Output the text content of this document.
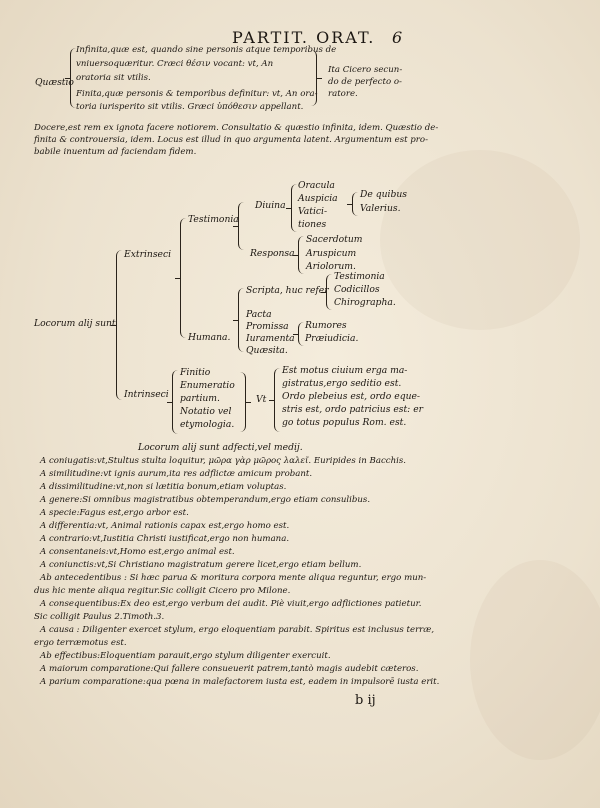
PARTIT. ORAT. 6
Quæstio
Infinita,quæ est, quando sine personis atque temporibus de
vniuersoquæritur. Cræci θέσιν vocant: vt, An
oratoria sit vtilis.
Finita,quæ personis & temporibus definitur: vt, An ora-
toria iurisperito sit vtilis. Græci ὑπόθεσιν appellant.
Ita Cicero secun-
do de perfecto o-
ratore.
Docere,est rem ex ignota facere notiorem. Consultatio & quæstio infinita, idem. Quæstio de-
finita & controuersia, idem. Locus est illud in quo argumenta latent. Argumentum est pro-
babile inuentum ad faciendam fidem.
Locorum alij sunt
Extrinseci
Intrinseci
Testimonia
Humana.
Diuina
Responsa
Oracula
Auspicia
Vatici-
tiones
De quibus
Valerius.
Sacerdotum
Aruspicum
Ariolorum.
Scripta, huc refer
Testimonia
Codicillos
Chirographa.
Pacta
Promissa
Iuramenta
Quæsita.
Rumores
Præiudicia.
Finitio
Enumeratio
partium.
Notatio vel
etymologia.
Vt
Est motus ciuium erga ma-
gistratus,ergo seditio est.
Ordo plebeius est, ordo eque-
stris est, ordo patricius est: er
go totus populus Rom. est.
Locorum alij sunt adfecti,vel medij.
A coniugatis:vt,Stultus stulta loquitur, μῶρα γὰρ μῶρος λαλεῖ. Euripides in Bacchis.
A similitudine:vt ignis aurum,ita res adflictæ amicum probant.
A dissimilitudine:vt,non si lætitia bonum,etiam voluptas.
A genere:Si omnibus magistratibus obtemperandum,ergo etiam consulibus.
A specie:Fagus est,ergo arbor est.
A differentia:vt, Animal rationis capax est,ergo homo est.
A contrario:vt,Iustitia Christi iustificat,ergo non humana.
A consentaneis:vt,Homo est,ergo animal est.
A coniunctis:vt,Si Christiano magistratum gerere licet,ergo etiam bellum.
Ab antecedentibus : Si hæc parua & moritura corpora mente aliqua reguntur, ergo mun-
dus hic mente aliqua regitur.Sic colligit Cicero pro Milone.
A consequentibus:Ex deo est,ergo verbum dei audit. Piè viuit,ergo adflictiones patietur.
Sic colligit Paulus 2.Timoth.3.
A causa : Diligenter exercet stylum, ergo eloquentiam parabit. Spiritus est inclusus terræ,
ergo terræmotus est.
Ab effectibus:Eloquentiam parauit,ergo stylum diligenter exercuit.
A maiorum comparatione:Qui fallere consueuerit patrem,tantò magis audebit cæteros.
A parium comparatione:qua pœna in malefactorem iusta est, eadem in impulsorē iusta erit.
b ij
